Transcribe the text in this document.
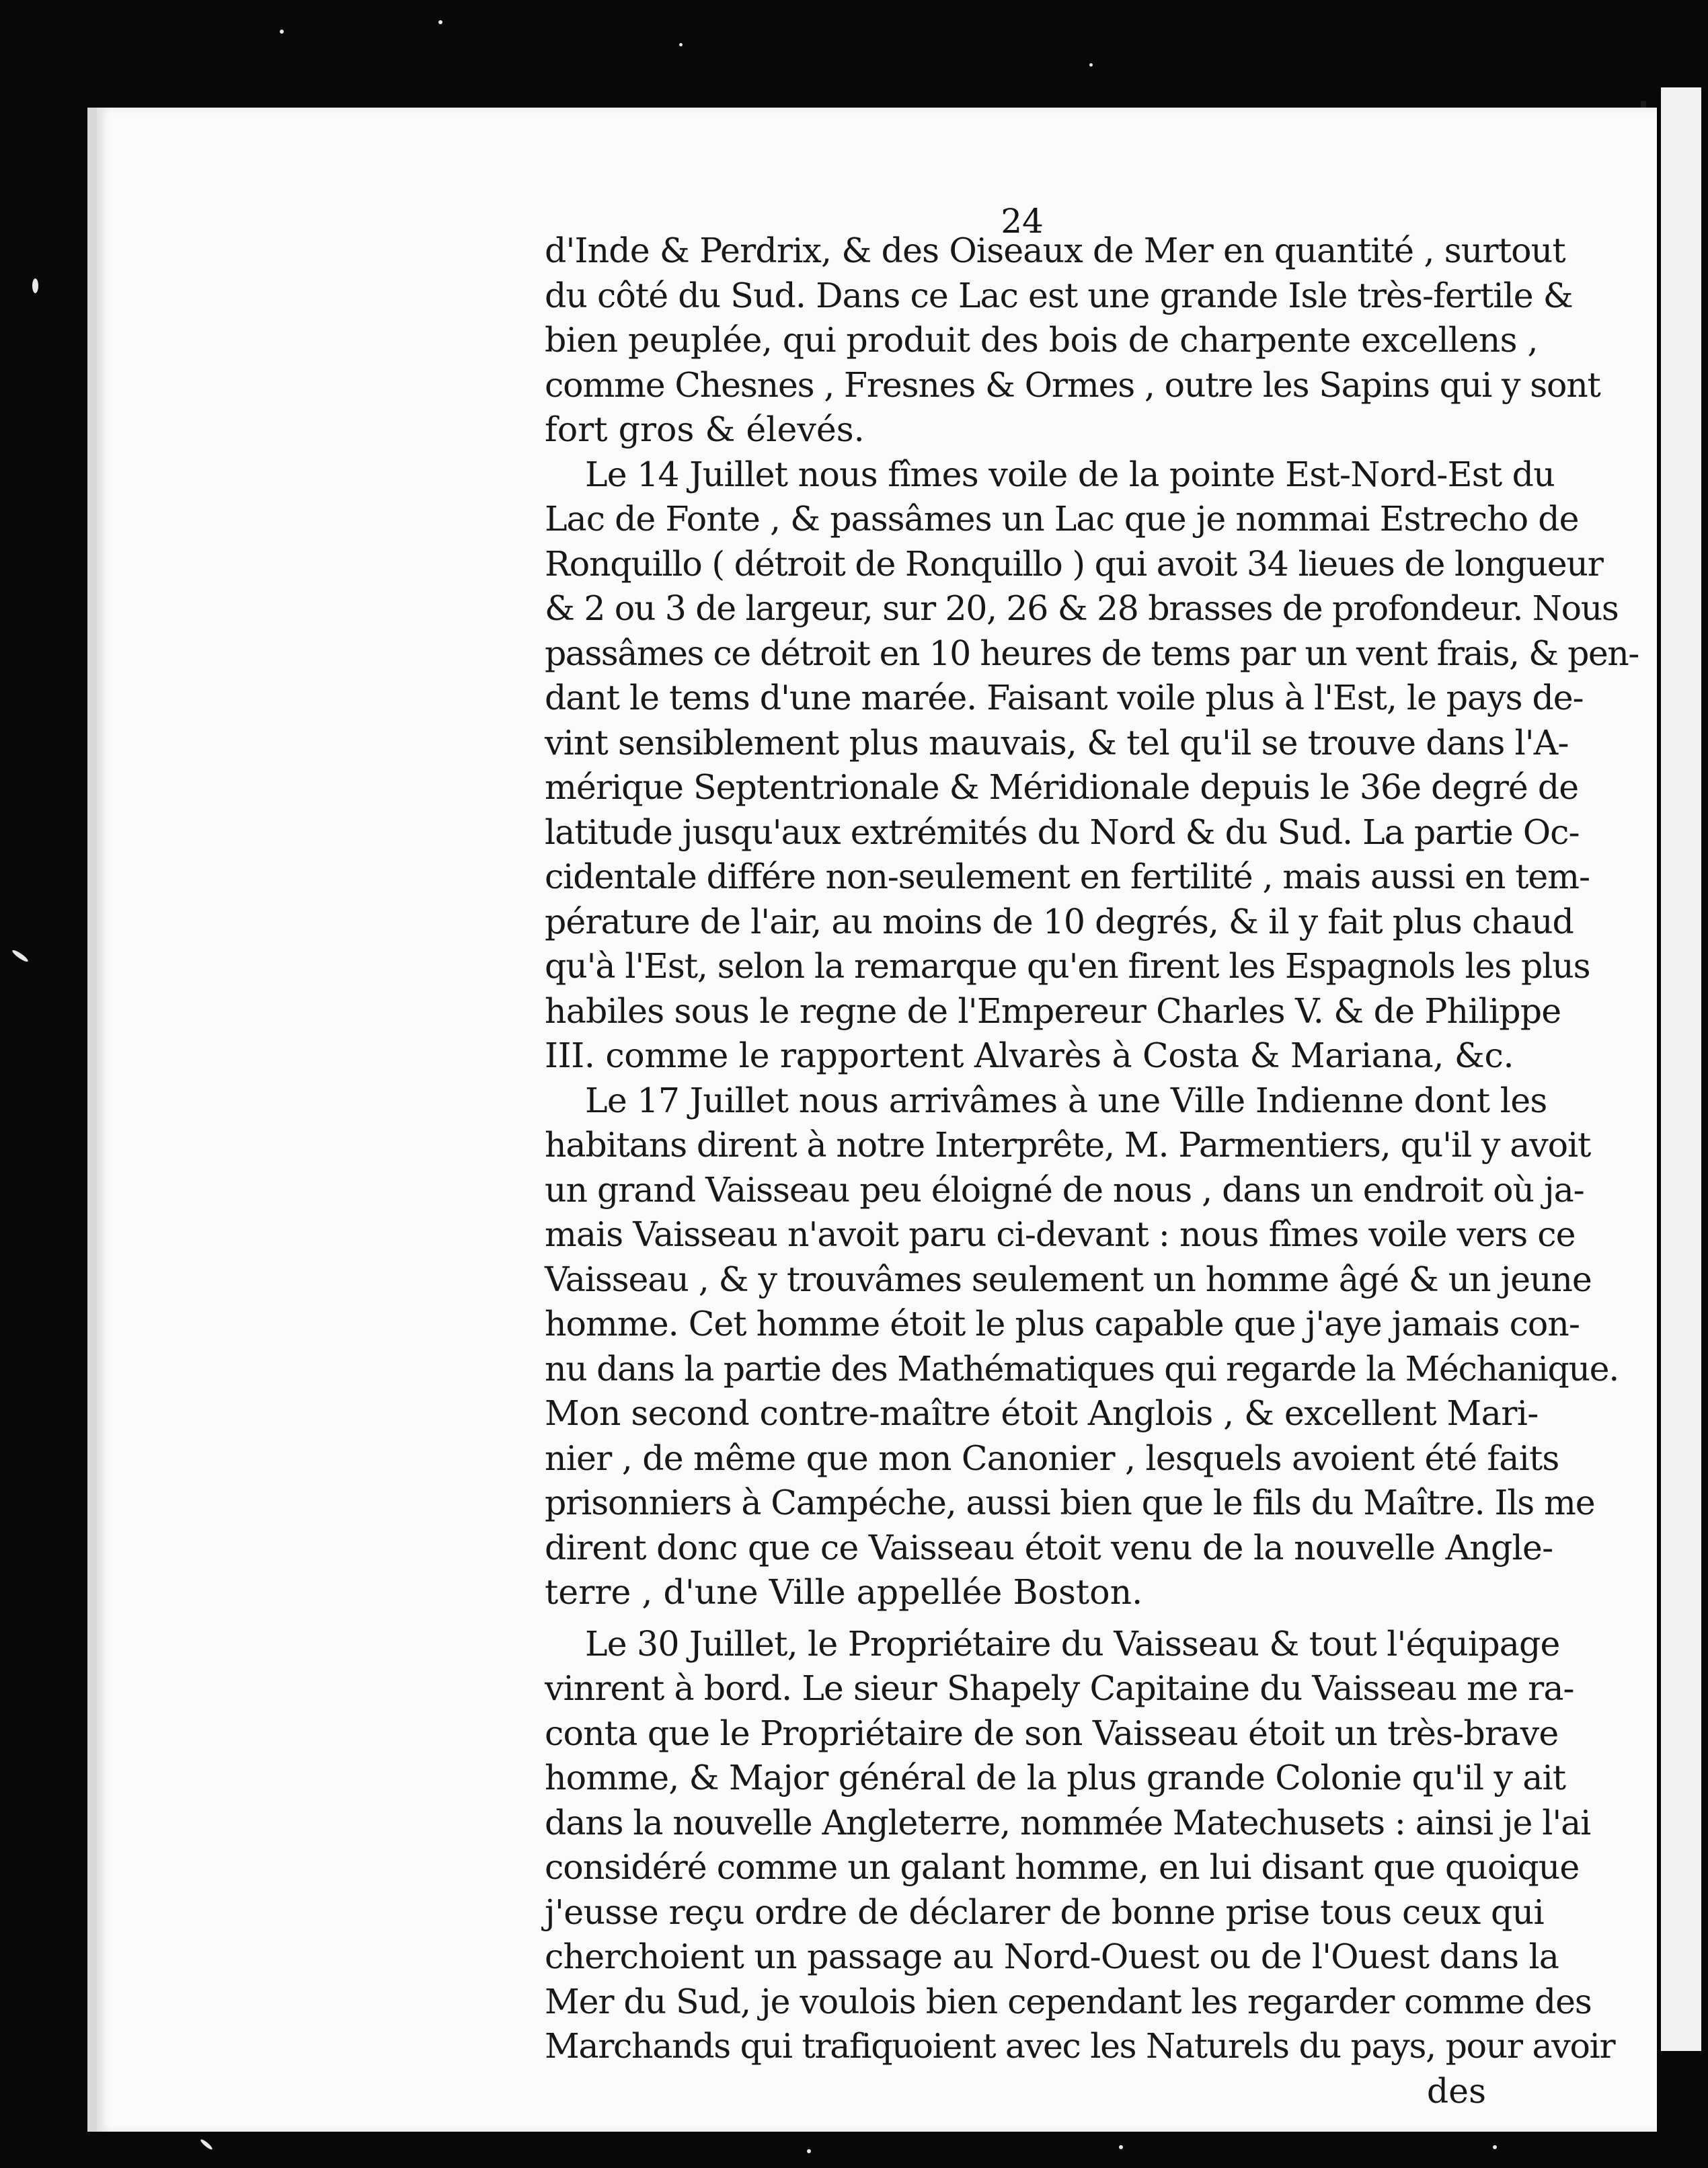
24
d'Inde & Perdrix, & des Oiseaux de Mer en quantité , surtout
du côté du Sud. Dans ce Lac est une grande Isle très-fertile &
bien peuplée, qui produit des bois de charpente excellens ,
comme Chesnes , Fresnes & Ormes , outre les Sapins qui y sont
fort gros & élevés.
Le 14 Juillet nous fîmes voile de la pointe Est-Nord-Est du
Lac de Fonte , & passâmes un Lac que je nommai Estrecho de
Ronquillo ( détroit de Ronquillo ) qui avoit 34 lieues de longueur
& 2 ou 3 de largeur, sur 20, 26 & 28 brasses de profondeur. Nous
passâmes ce détroit en 10 heures de tems par un vent frais, & pen-
dant le tems d'une marée. Faisant voile plus à l'Est, le pays de-
vint sensiblement plus mauvais, & tel qu'il se trouve dans l'A-
mérique Septentrionale & Méridionale depuis le 36e degré de
latitude jusqu'aux extrémités du Nord & du Sud. La partie Oc-
cidentale différe non-seulement en fertilité , mais aussi en tem-
pérature de l'air, au moins de 10 degrés, & il y fait plus chaud
qu'à l'Est, selon la remarque qu'en firent les Espagnols les plus
habiles sous le regne de l'Empereur Charles V. & de Philippe
III. comme le rapportent Alvarès à Costa & Mariana, &c.
Le 17 Juillet nous arrivâmes à une Ville Indienne dont les
habitans dirent à notre Interprête, M. Parmentiers, qu'il y avoit
un grand Vaisseau peu éloigné de nous , dans un endroit où ja-
mais Vaisseau n'avoit paru ci-devant : nous fîmes voile vers ce
Vaisseau , & y trouvâmes seulement un homme âgé & un jeune
homme. Cet homme étoit le plus capable que j'aye jamais con-
nu dans la partie des Mathématiques qui regarde la Méchanique.
Mon second contre-maître étoit Anglois , & excellent Mari-
nier , de même que mon Canonier , lesquels avoient été faits
prisonniers à Campéche, aussi bien que le fils du Maître. Ils me
dirent donc que ce Vaisseau étoit venu de la nouvelle Angle-
terre , d'une Ville appellée Boston.
Le 30 Juillet, le Propriétaire du Vaisseau & tout l'équipage
vinrent à bord. Le sieur Shapely Capitaine du Vaisseau me ra-
conta que le Propriétaire de son Vaisseau étoit un très-brave
homme, & Major général de la plus grande Colonie qu'il y ait
dans la nouvelle Angleterre, nommée Matechusets : ainsi je l'ai
considéré comme un galant homme, en lui disant que quoique
j'eusse reçu ordre de déclarer de bonne prise tous ceux qui
cherchoient un passage au Nord-Ouest ou de l'Ouest dans la
Mer du Sud, je voulois bien cependant les regarder comme des
Marchands qui trafiquoient avec les Naturels du pays, pour avoir
des
